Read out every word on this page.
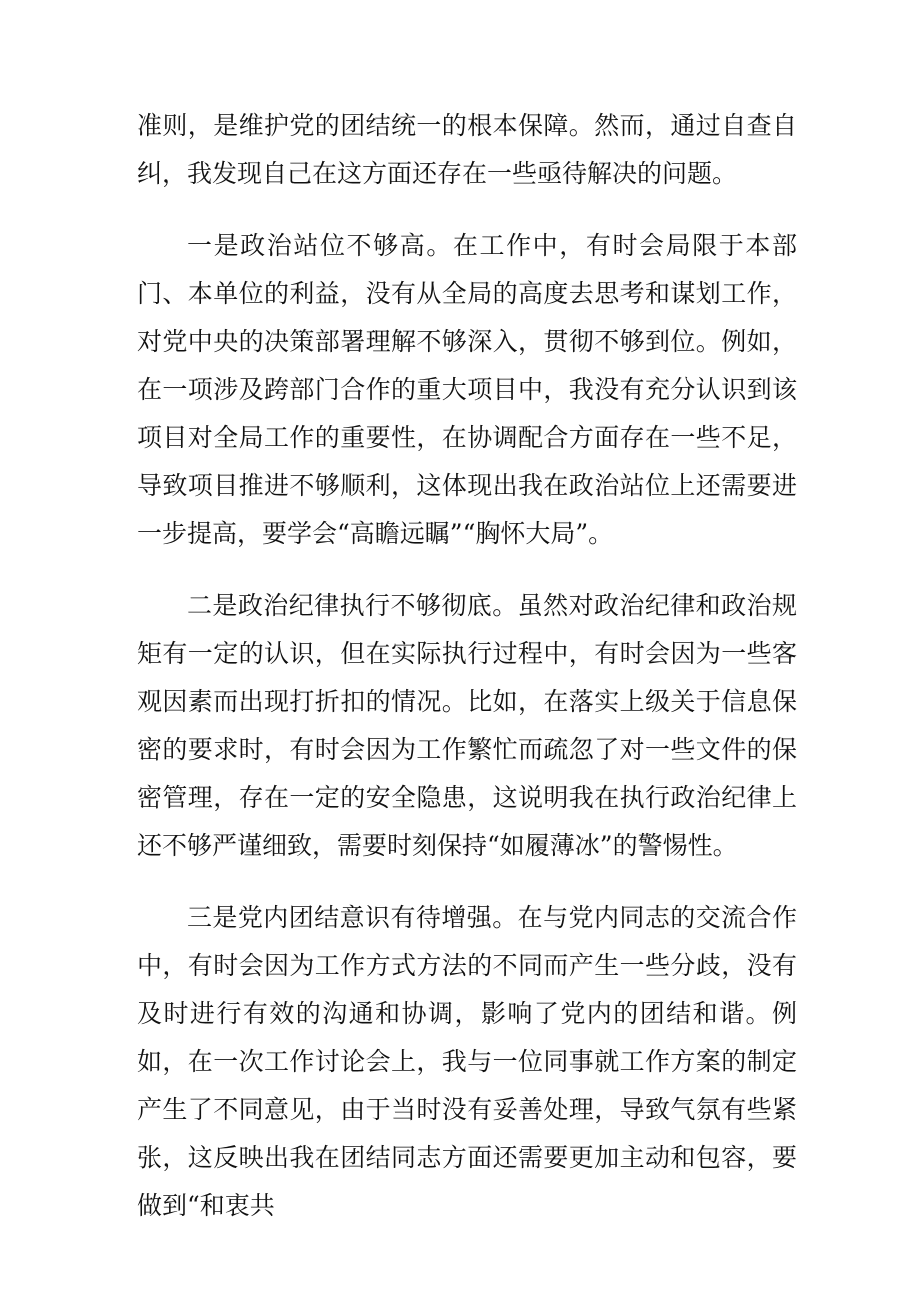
准则，是维护党的团结统一的根本保障。然而，通过自查自纠，我发现自己在这方面还存在一些亟待解决的问题。

一是政治站位不够高。在工作中，有时会局限于本部门、本单位的利益，没有从全局的高度去思考和谋划工作，对党中央的决策部署理解不够深入，贯彻不够到位。例如，在一项涉及跨部门合作的重大项目中，我没有充分认识到该项目对全局工作的重要性，在协调配合方面存在一些不足，导致项目推进不够顺利，这体现出我在政治站位上还需要进一步提高，要学会“高瞻远瞩”“胸怀大局”。

二是政治纪律执行不够彻底。虽然对政治纪律和政治规矩有一定的认识，但在实际执行过程中，有时会因为一些客观因素而出现打折扣的情况。比如，在落实上级关于信息保密的要求时，有时会因为工作繁忙而疏忽了对一些文件的保密管理，存在一定的安全隐患，这说明我在执行政治纪律上还不够严谨细致，需要时刻保持“如履薄冰”的警惕性。

三是党内团结意识有待增强。在与党内同志的交流合作中，有时会因为工作方式方法的不同而产生一些分歧，没有及时进行有效的沟通和协调，影响了党内的团结和谐。例如，在一次工作讨论会上，我与一位同事就工作方案的制定产生了不同意见，由于当时没有妥善处理，导致气氛有些紧张，这反映出我在团结同志方面还需要更加主动和包容，要做到“和衷共
